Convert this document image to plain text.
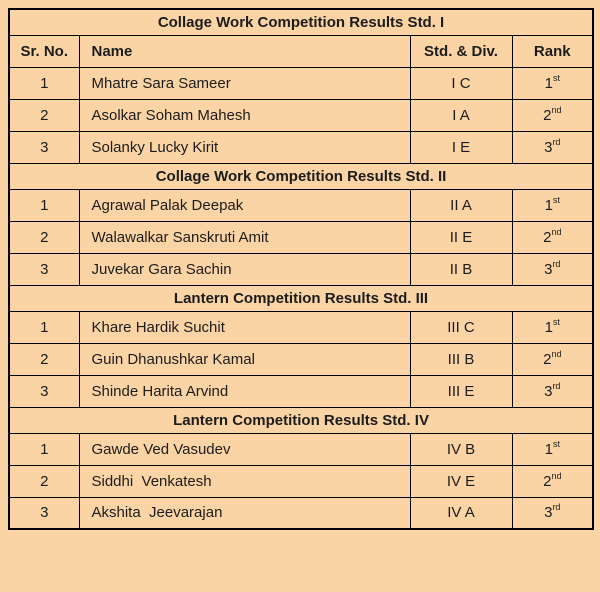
Collage Work Competition Results Std. I			
Sr. No.	Name	Std. & Div.	Rank
1	Mhatre Sara Sameer	I C	1st
2	Asolkar Soham Mahesh	I A	2nd
3	Solanky Lucky Kirit	I E	3rd
Collage Work Competition Results Std. II			
1	Agrawal Palak Deepak	II A	1st
2	Walawalkar Sanskruti Amit	II E	2nd
3	Juvekar Gara Sachin	II B	3rd
Lantern Competition Results Std. III			
1	Khare Hardik Suchit	III C	1st
2	Guin Dhanushkar Kamal	III B	2nd
3	Shinde Harita Arvind	III E	3rd
Lantern Competition Results Std. IV			
1	Gawde Ved Vasudev	IV B	1st
2	Siddhi  Venkatesh	IV E	2nd
3	Akshita  Jeevarajan	IV A	3rd
